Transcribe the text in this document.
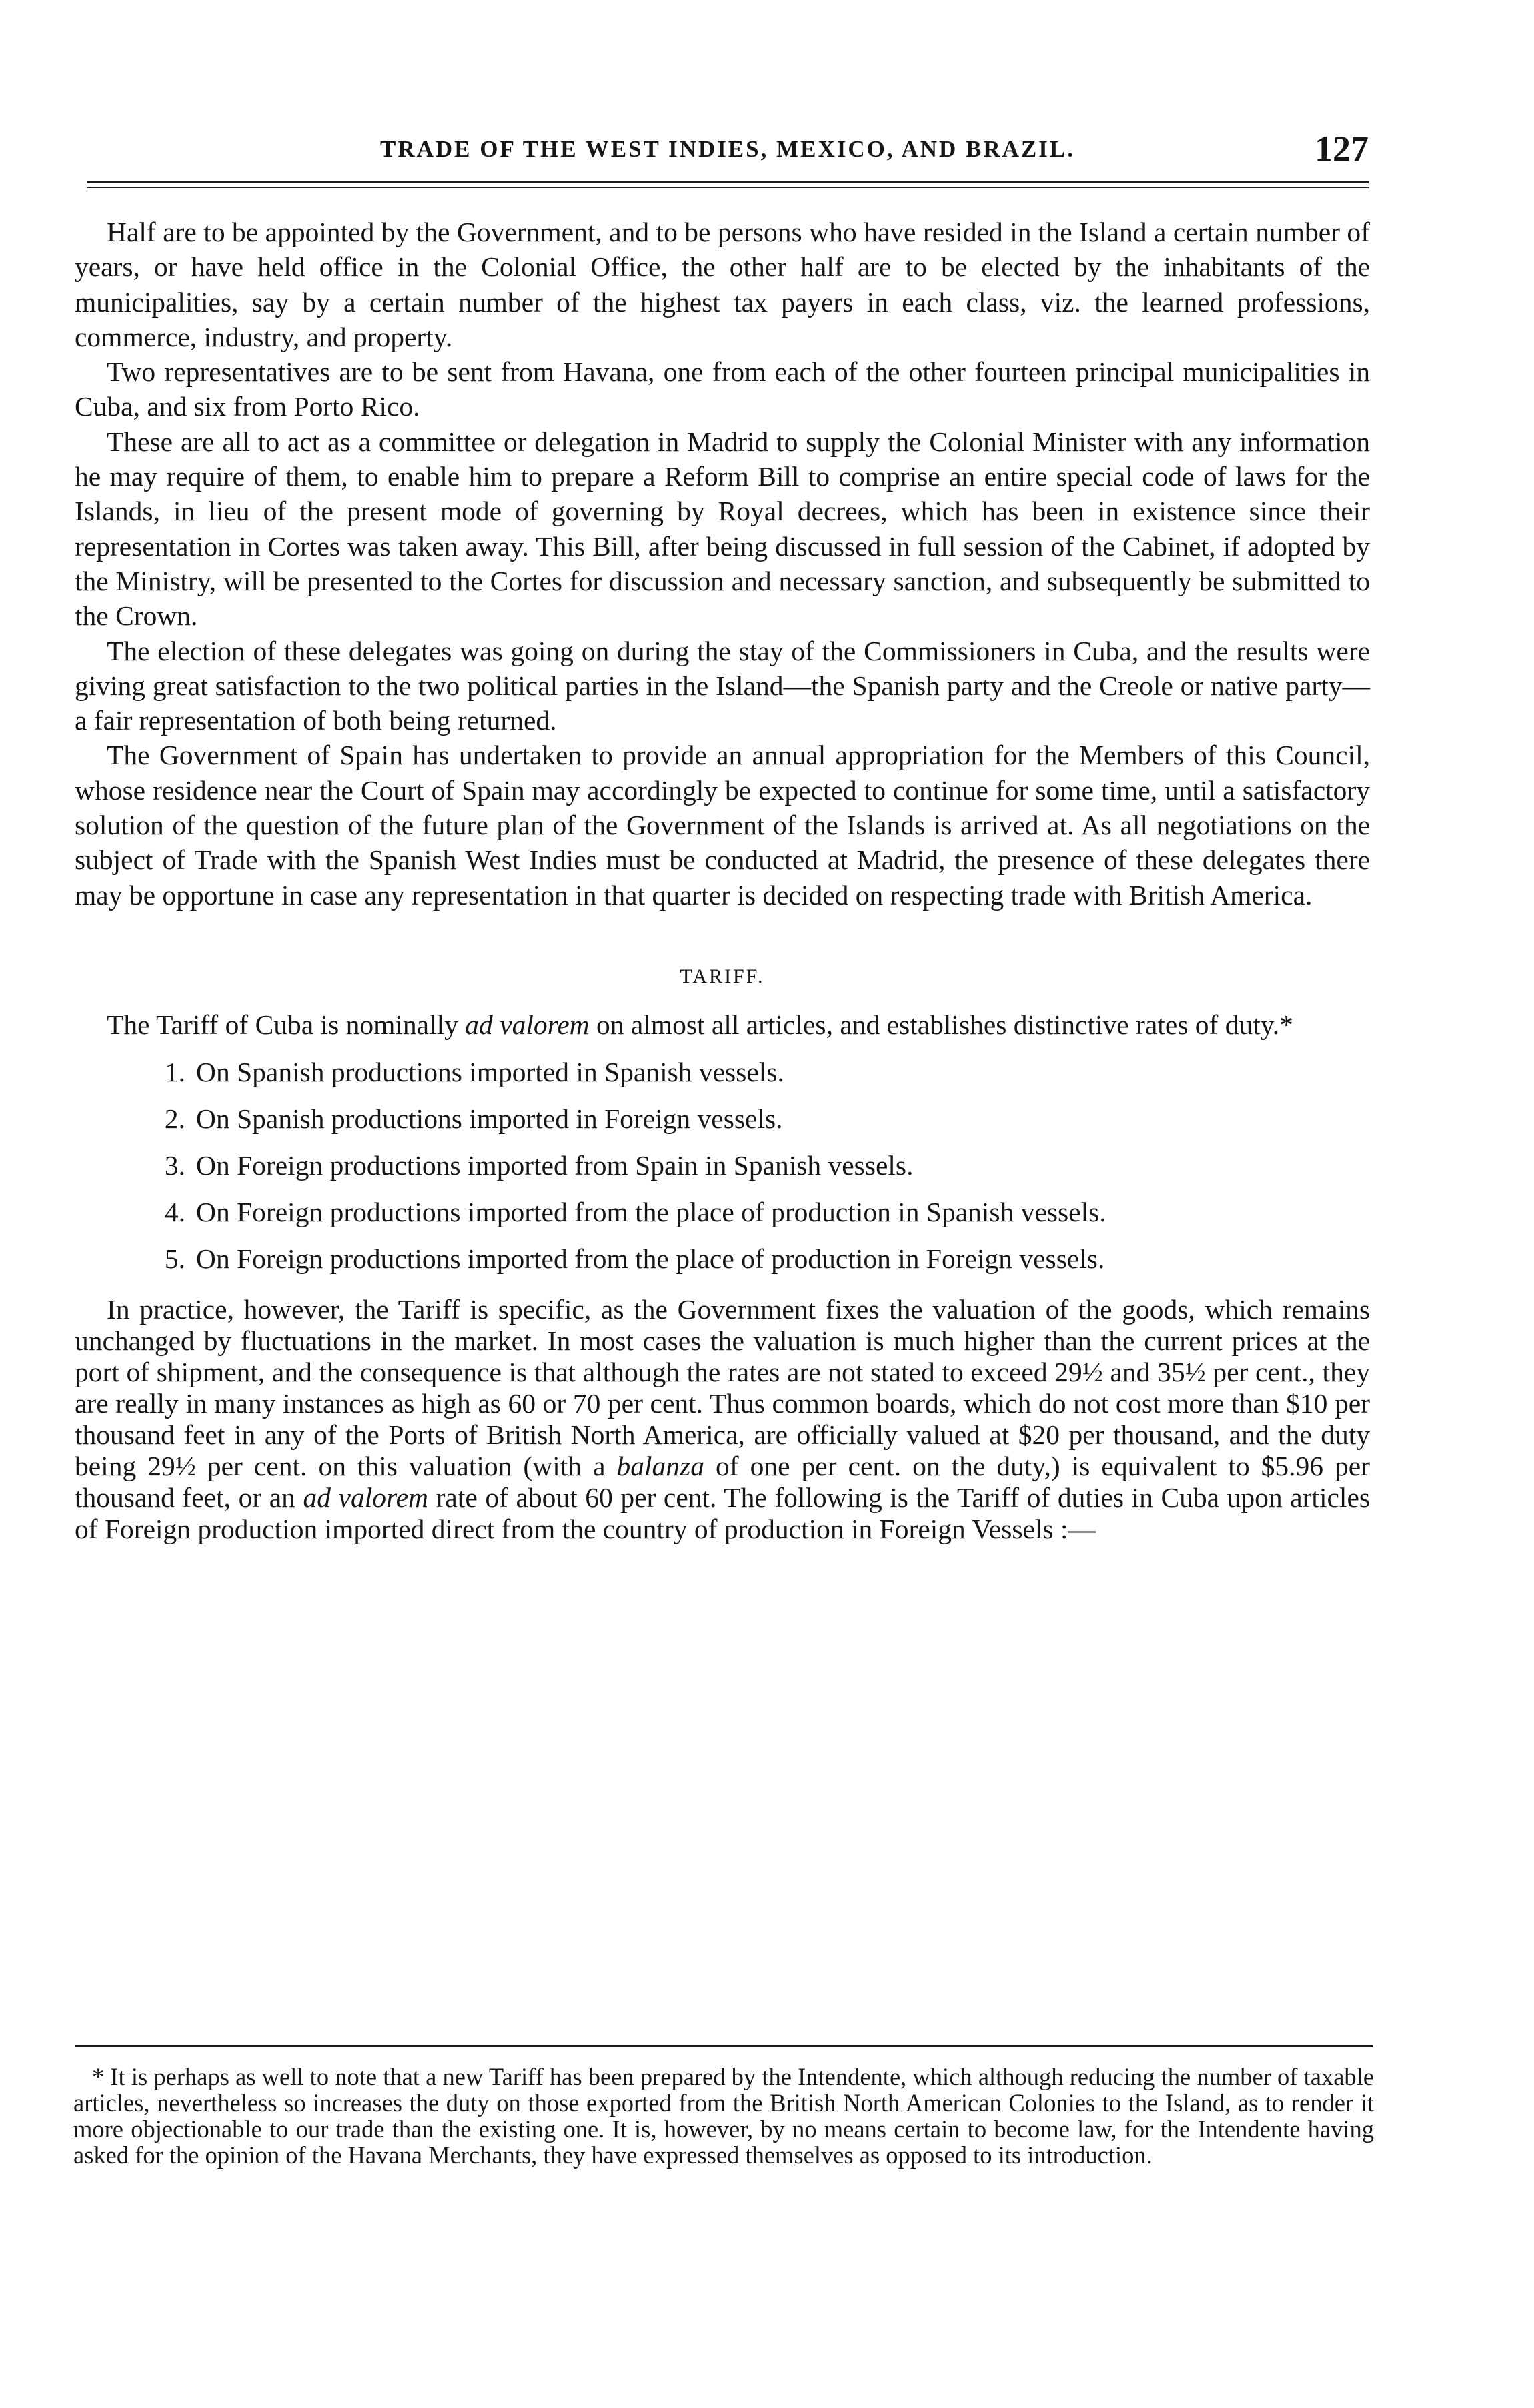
TRADE OF THE WEST INDIES, MEXICO, AND BRAZIL.	127

Half are to be appointed by the Government, and to be persons who have resided in the Island a certain number of years, or have held office in the Colonial Office, the other half are to be elected by the inhabitants of the municipalities, say by a certain number of the highest tax payers in each class, viz. the learned professions, commerce, industry, and property.

Two representatives are to be sent from Havana, one from each of the other fourteen principal municipalities in Cuba, and six from Porto Rico.

These are all to act as a committee or delegation in Madrid to supply the Colonial Minister with any information he may require of them, to enable him to prepare a Reform Bill to comprise an entire special code of laws for the Islands, in lieu of the present mode of governing by Royal decrees, which has been in existence since their representation in Cortes was taken away. This Bill, after being discussed in full session of the Cabinet, if adopted by the Ministry, will be presented to the Cortes for discussion and necessary sanction, and subsequently be submitted to the Crown.

The election of these delegates was going on during the stay of the Commissioners in Cuba, and the results were giving great satisfaction to the two political parties in the Island—the Spanish party and the Creole or native party—a fair representation of both being returned.

The Government of Spain has undertaken to provide an annual appropriation for the Members of this Council, whose residence near the Court of Spain may accordingly be expected to continue for some time, until a satisfactory solution of the question of the future plan of the Government of the Islands is arrived at. As all negotiations on the subject of Trade with the Spanish West Indies must be conducted at Madrid, the presence of these delegates there may be opportune in case any representation in that quarter is decided on respecting trade with British America.

TARIFF.

The Tariff of Cuba is nominally ad valorem on almost all articles, and establishes distinctive rates of duty.*

1. On Spanish productions imported in Spanish vessels.
2. On Spanish productions imported in Foreign vessels.
3. On Foreign productions imported from Spain in Spanish vessels.
4. On Foreign productions imported from the place of production in Spanish vessels.
5. On Foreign productions imported from the place of production in Foreign vessels.

In practice, however, the Tariff is specific, as the Government fixes the valuation of the goods, which remains unchanged by fluctuations in the market. In most cases the valuation is much higher than the current prices at the port of shipment, and the consequence is that although the rates are not stated to exceed 29½ and 35½ per cent., they are really in many instances as high as 60 or 70 per cent. Thus common boards, which do not cost more than $10 per thousand feet in any of the Ports of British North America, are officially valued at $20 per thousand, and the duty being 29½ per cent. on this valuation (with a balanza of one per cent. on the duty,) is equivalent to $5.96 per thousand feet, or an ad valorem rate of about 60 per cent. The following is the Tariff of duties in Cuba upon articles of Foreign production imported direct from the country of production in Foreign Vessels :—

* It is perhaps as well to note that a new Tariff has been prepared by the Intendente, which although reducing the number of taxable articles, nevertheless so increases the duty on those exported from the British North American Colonies to the Island, as to render it more objectionable to our trade than the existing one. It is, however, by no means certain to become law, for the Intendente having asked for the opinion of the Havana Merchants, they have expressed themselves as opposed to its introduction.
